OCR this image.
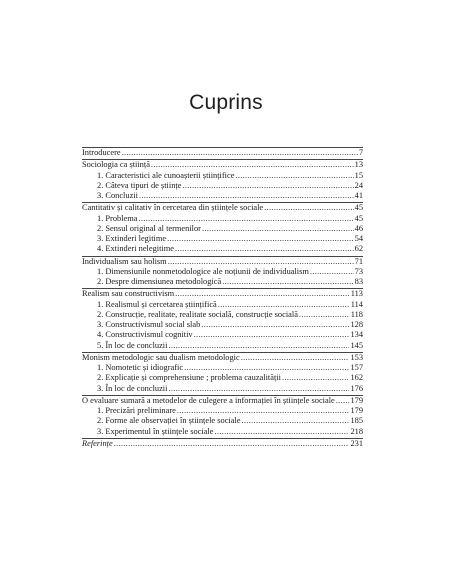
Cuprins
Introducere .....	7
Sociologia ca știință .....	13
1. Caracteristici ale cunoașterii științifice .....	15
2. Câteva tipuri de științe .....	24
3. Concluzii .....	41
Cantitativ și calitativ în cercetarea din științele sociale .....	45
1. Problema .....	45
2. Sensul original al termenilor .....	46
3. Extinderi legitime .....	54
4. Extinderi nelegitime .....	62
Individualism sau holism .....	71
1. Dimensiunile nonmetodologice ale noțiunii de individualism .....	73
2. Despre dimensiunea metodologică .....	83
Realism sau constructivism .....	113
1. Realismul și cercetarea științifică .....	114
2. Construcție, realitate, realitate socială, construcție socială .....	118
3. Constructivismul social slab .....	128
4. Constructivismul cognitiv .....	134
5. În loc de concluzii .....	145
Monism metodologic sau dualism metodologic .....	153
1. Nomotetic și idiografic .....	157
2. Explicație și comprehensiune ; problema cauzalității .....	162
3. În loc de concluzii .....	176
O evaluare sumară a metodelor de culegere a informației în științele sociale ..... 179
1. Precizări preliminare .....	179
2. Forme ale observației în științele sociale .....	185
3. Experimentul în științele sociale .....	218
Referințe .....	231
